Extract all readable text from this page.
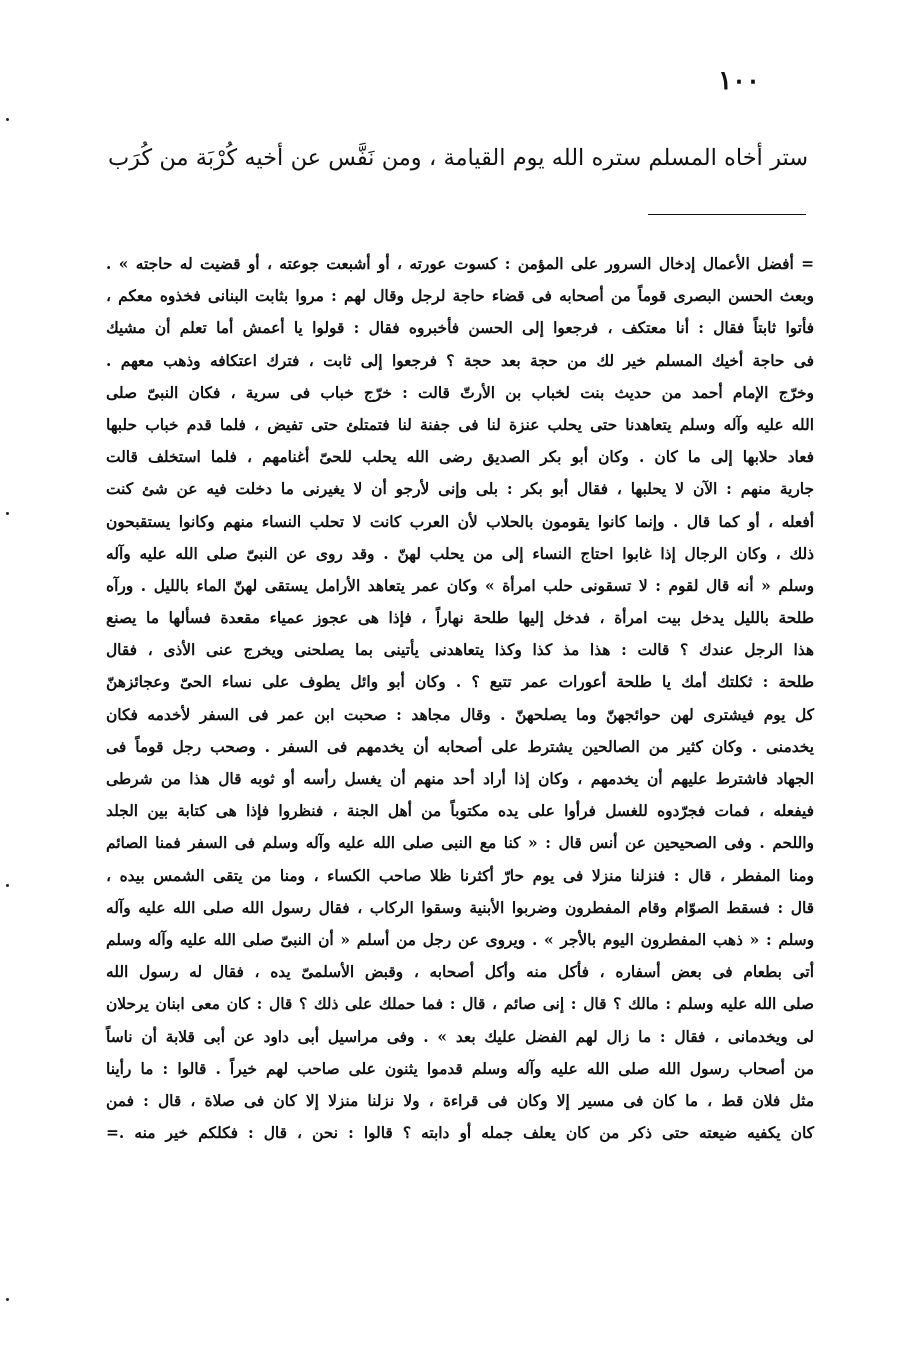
١٠٠
ستر أخاه المسلم ستره الله يوم القيامة ، ومن نَفَّس عن أخيه كُرْبَة من كُرَب
= أفضل الأعمال إدخال السرور على المؤمن : كسوت عورته ، أو أشبعت جوعته ، أو قضيت له حاجته » .
وبعث الحسن البصرى قوماً من أصحابه فى قضاء حاجة لرجل وقال لهم : مروا بثابت البنانى فخذوه معكم ،
فأتوا ثابتاً فقال : أنا معتكف ، فرجعوا إلى الحسن فأخبروه فقال : قولوا يا أعمش أما تعلم أن مشيك
فى حاجة أخيك المسلم خير لك من حجة بعد حجة ؟ فرجعوا إلى ثابت ، فترك اعتكافه وذهب معهم .
وخرّج الإمام أحمد من حديث بنت لخباب بن الأرتّ قالت : خرّج خباب فى سرية ، فكان النبىّ صلى
الله عليه وآله وسلم يتعاهدنا حتى يحلب عنزة لنا فى جفنة لنا فتمتلئ حتى تفيض ، فلما قدم خباب حلبها
فعاد حلابها إلى ما كان . وكان أبو بكر الصديق رضى الله يحلب للحىّ أغنامهم ، فلما استخلف قالت
جارية منهم : الآن لا يحلبها ، فقال أبو بكر : بلى وإنى لأرجو أن لا يغيرنى ما دخلت فيه عن شئ كنت
أفعله ، أو كما قال . وإنما كانوا يقومون بالحلاب لأن العرب كانت لا تحلب النساء منهم وكانوا يستقبحون
ذلك ، وكان الرجال إذا غابوا احتاج النساء إلى من يحلب لهنّ . وقد روى عن النبىّ صلى الله عليه وآله
وسلم « أنه قال لقوم : لا تسقونى حلب امرأة » وكان عمر يتعاهد الأرامل يستقى لهنّ الماء بالليل . ورآه
طلحة بالليل يدخل بيت امرأة ، فدخل إليها طلحة نهاراً ، فإذا هى عجوز عمياء مقعدة فسألها ما يصنع
هذا الرجل عندك ؟ قالت : هذا مذ كذا وكذا يتعاهدنى يأتينى بما يصلحنى ويخرج عنى الأذى ، فقال
طلحة : ثكلتك أمك يا طلحة أعورات عمر تتبع ؟ . وكان أبو وائل يطوف على نساء الحىّ وعجائزهنّ
كل يوم فيشترى لهن حوائجهنّ وما يصلحهنّ . وقال مجاهد : صحبت ابن عمر فى السفر لأخدمه فكان
يخدمنى . وكان كثير من الصالحين يشترط على أصحابه أن يخدمهم فى السفر . وصحب رجل قوماً فى
الجهاد فاشترط عليهم أن يخدمهم ، وكان إذا أراد أحد منهم أن يغسل رأسه أو ثوبه قال هذا من شرطى
فيفعله ، فمات فجرّدوه للغسل فرأوا على يده مكتوباً من أهل الجنة ، فنظروا فإذا هى كتابة بين الجلد
واللحم . وفى الصحيحين عن أنس قال : « كنا مع النبى صلى الله عليه وآله وسلم فى السفر فمنا الصائم
ومنا المفطر ، قال : فنزلنا منزلا فى يوم حارّ أكثرنا ظلا صاحب الكساء ، ومنا من يتقى الشمس بيده ،
قال : فسقط الصوّام وقام المفطرون وضربوا الأبنية وسقوا الركاب ، فقال رسول الله صلى الله عليه وآله
وسلم : « ذهب المفطرون اليوم بالأجر » . ويروى عن رجل من أسلم « أن النبىّ صلى الله عليه وآله وسلم
أتى بطعام فى بعض أسفاره ، فأكل منه وأكل أصحابه ، وقبض الأسلمىّ يده ، فقال له رسول الله
صلى الله عليه وسلم : مالك ؟ قال : إنى صائم ، قال : فما حملك على ذلك ؟ قال : كان معى ابنان يرحلان
لى ويخدمانى ، فقال : ما زال لهم الفضل عليك بعد » . وفى مراسيل أبى داود عن أبى قلابة أن ناساً
من أصحاب رسول الله صلى الله عليه وآله وسلم قدموا يثنون على صاحب لهم خيراً . قالوا : ما رأينا
مثل فلان قط ، ما كان فى مسير إلا وكان فى قراءة ، ولا نزلنا منزلا إلا كان فى صلاة ، قال : فمن
كان يكفيه ضيعته حتى ذكر من كان يعلف جمله أو دابته ؟ قالوا : نحن ، قال : فكلكم خير منه .=
